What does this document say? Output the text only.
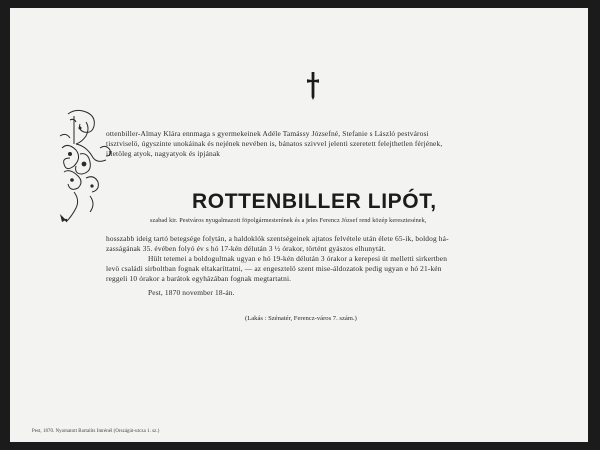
ottenbiller-Almay Klára ennmaga s gyermekeinek Adéle Tamássy Józsefné, Stefanie s László pestvárosi
tisztviselö, úgyszinte unokáinak és nejének nevében is, bánatos szivvel jelenti szeretett felejthetlen férjének,
illetöleg atyok, nagyatyok és ipjának
ROTTENBILLER LIPÓT,
szabad kir. Pestváros nyugalmazott föpolgármesterének és a jeles Ferencz József rend közép keresztesének,
hosszabb ideig tartó betegsége folytán, a haldoklók szentségeinek ajtatos felvétele után élete 65-ik, boldog há-
zasságának 35. évében folyó év s hó 17-kén délután 3 ½ órakor, történt gyászos elhunytát.
Hült tetemei a boldogultnak ugyan e hó 19-kén délután 3 órakor a kerepesi út melletti sirkertben
levö családi sirboltban fognak eltakaríttatni, — az engesztelö szent mise-áldozatok pedig ugyan e hó 21-kén
reggeli 10 órakor a barátok egyházában fognak megtartatni.
Pest, 1870 november 18-án.
(Lakás : Szénatér, Ferencz-város 7. szám.)
Pest, 1870. Nyomatott Bartalits Imrénél (Országút-utcza 1. sz.)
